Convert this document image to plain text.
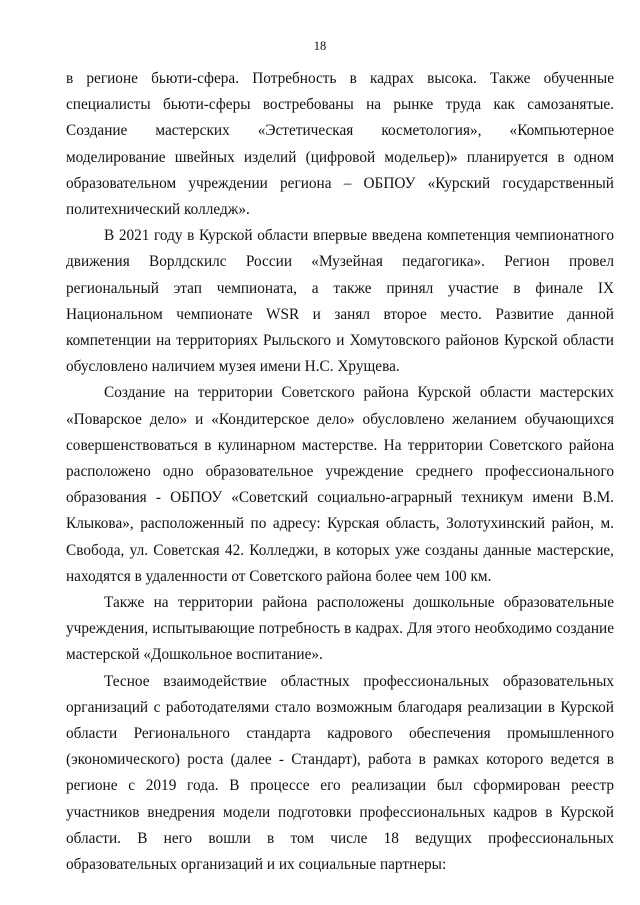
18

в регионе бьюти-сфера. Потребность в кадрах высока. Также обученные специалисты бьюти-сферы востребованы на рынке труда как самозанятые. Создание мастерских «Эстетическая косметология», «Компьютерное моделирование швейных изделий (цифровой модельер)» планируется в одном образовательном учреждении региона – ОБПОУ «Курский государственный политехнический колледж».

В 2021 году в Курской области впервые введена компетенция чемпионатного движения Ворлдскилс России «Музейная педагогика». Регион провел региональный этап чемпионата, а также принял участие в финале IX Национальном чемпионате WSR и занял второе место. Развитие данной компетенции на территориях Рыльского и Хомутовского районов Курской области обусловлено наличием музея имени Н.С. Хрущева.

Создание на территории Советского района Курской области мастерских «Поварское дело» и «Кондитерское дело» обусловлено желанием обучающихся совершенствоваться в кулинарном мастерстве. На территории Советского района расположено одно образовательное учреждение среднего профессионального образования - ОБПОУ «Советский социально-аграрный техникум имени В.М. Клыкова», расположенный по адресу: Курская область, Золотухинский район, м. Свобода, ул. Советская 42. Колледжи, в которых уже созданы данные мастерские, находятся в удаленности от Советского района более чем 100 км.

Также на территории района расположены дошкольные образовательные учреждения, испытывающие потребность в кадрах. Для этого необходимо создание мастерской «Дошкольное воспитание».

Тесное взаимодействие областных профессиональных образовательных организаций с работодателями стало возможным благодаря реализации в Курской области Регионального стандарта кадрового обеспечения промышленного (экономического) роста (далее - Стандарт), работа в рамках которого ведется в регионе с 2019 года. В процессе его реализации был сформирован реестр участников внедрения модели подготовки профессиональных кадров в Курской области. В него вошли в том числе 18 ведущих профессиональных образовательных организаций и их социальные партнеры:
